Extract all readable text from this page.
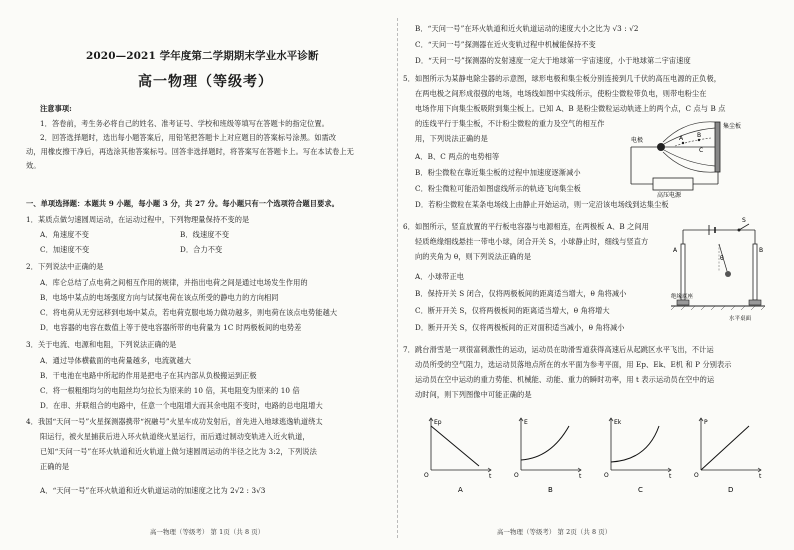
2020—2021 学年度第二学期期末学业水平诊断
高一物理（等级考）
注意事项:
1．答卷前，考生务必将自己的姓名、准考证号、学校和班级等填写在答题卡的指定位置。
2．回答选择题时，选出每小题答案后，用铅笔把答题卡上对应题目的答案标号涂黑。如需改
动，用橡皮擦干净后，再选涂其他答案标号。回答非选择题时，将答案写在答题卡上。写在本试卷上无
效。
一、单项选择题：本题共 9 小题，每小题 3 分，共 27 分。每小题只有一个选项符合题目要求。
1．某质点做匀速圆周运动，在运动过程中，下列物理量保持不变的是
A．角速度不变	B．线速度不变
C．加速度不变	D．合力不变
2．下列说法中正确的是
A．库仑总结了点电荷之间相互作用的规律，并指出电荷之间是通过电场发生作用的
B．电场中某点的电场强度方向与试探电荷在该点所受的静电力的方向相同
C．将电荷从无穷远移到电场中某点，若电荷克服电场力做功越多，则电荷在该点电势能越大
D．电容器的电容在数值上等于使电容器所带的电荷量为 1C 时两极板间的电势差
3．关于电流、电源和电阻，下列说法正确的是
A．通过导体横截面的电荷量越多，电流就越大
B．干电池在电路中所起的作用是把电子在其内部从负极搬运到正极
C．将一根粗细均匀的电阻丝均匀拉长为原来的 10 倍，其电阻变为原来的 10 倍
D．在串、并联组合的电路中，任意一个电阻增大而其余电阻不变时，电路的总电阻增大
4．我国“天问一号”火星探测器携带“祝融号”火星车成功发射后，首先进入地球逃逸轨道绕太
阳运行，被火星捕获后进入环火轨道绕火星运行，而后通过制动变轨进入近火轨道，
已知“天问一号”在环火轨道和近火轨道上做匀速圆周运动的半径之比为 3:2，下列说法
正确的是
A．“天问一号”在环火轨道和近火轨道运动的加速度之比为 2√2 : 3√3
高一物理（等级考） 第 1页（共 8 页）
B．“天问一号”在环火轨道和近火轨道运动的速度大小之比为 √3 : √2
C．“天问一号”探测器在近火变轨过程中机械能保持不变
D．“天问一号”探测器的发射速度一定大于地球第一宇宙速度，小于地球第二宇宙速度
5．如图所示为某静电除尘器的示意图，球形电极和集尘板分别连接到几千伏的高压电源的正负极，
在两电极之间形成很强的电场，电场线如图中实线所示，使粉尘微粒带负电，则带电粉尘在
电场作用下向集尘板吸附到集尘板上。已知 A、B 是粉尘微粒运动轨迹上的两个点，C 点与 B 点
的连线平行于集尘板，不计粉尘微粒的重力及空气的相互作
用，下列说法正确的是	A B
C
电极
集尘板
高压电源
A．B、C 两点的电势相等
B．粉尘微粒在靠近集尘板的过程中加速度逐渐减小
C．粉尘微粒可能沿如图虚线所示的轨迹飞向集尘板
D．若粉尘微粒在某条电场线上由静止开始运动，则一定沿该电场线到达集尘板
6．如图所示，竖直放置的平行板电容器与电源相连，在两极板 A、B 之间用
轻质绝缘细线悬挂一带电小球，闭合开关 S，小球静止时，细线与竖直方
向的夹角为 θ，则下列说法正确的是
S
A	B
θ
绝缘底座
水平桌面
A．小球带正电
B．保持开关 S 闭合，仅将两极板间的距离适当增大，θ 角将减小
C．断开开关 S，仅将两极板间的距离适当增大，θ 角将增大
D．断开开关 S，仅将两极板间的正对面积适当减小，θ 角将减小
7．跳台滑雪是一项很富刺激性的运动，运动员在助滑雪道获得高速后从起跳区水平飞出，不计运
动员所受的空气阻力，选运动员落地点所在的水平面为参考平面，用 Ep、Ek、E机 和 P 分别表示
运动员在空中运动的重力势能、机械能、动能、重力的瞬时功率，用 t 表示运动员在空中的运
动时间，则下列图像中可能正确的是
Ep
t
O
A
E
t
O
B
Ek
t
O
C
P
t
O
D
高一物理（等级考） 第 2页（共 8 页）
